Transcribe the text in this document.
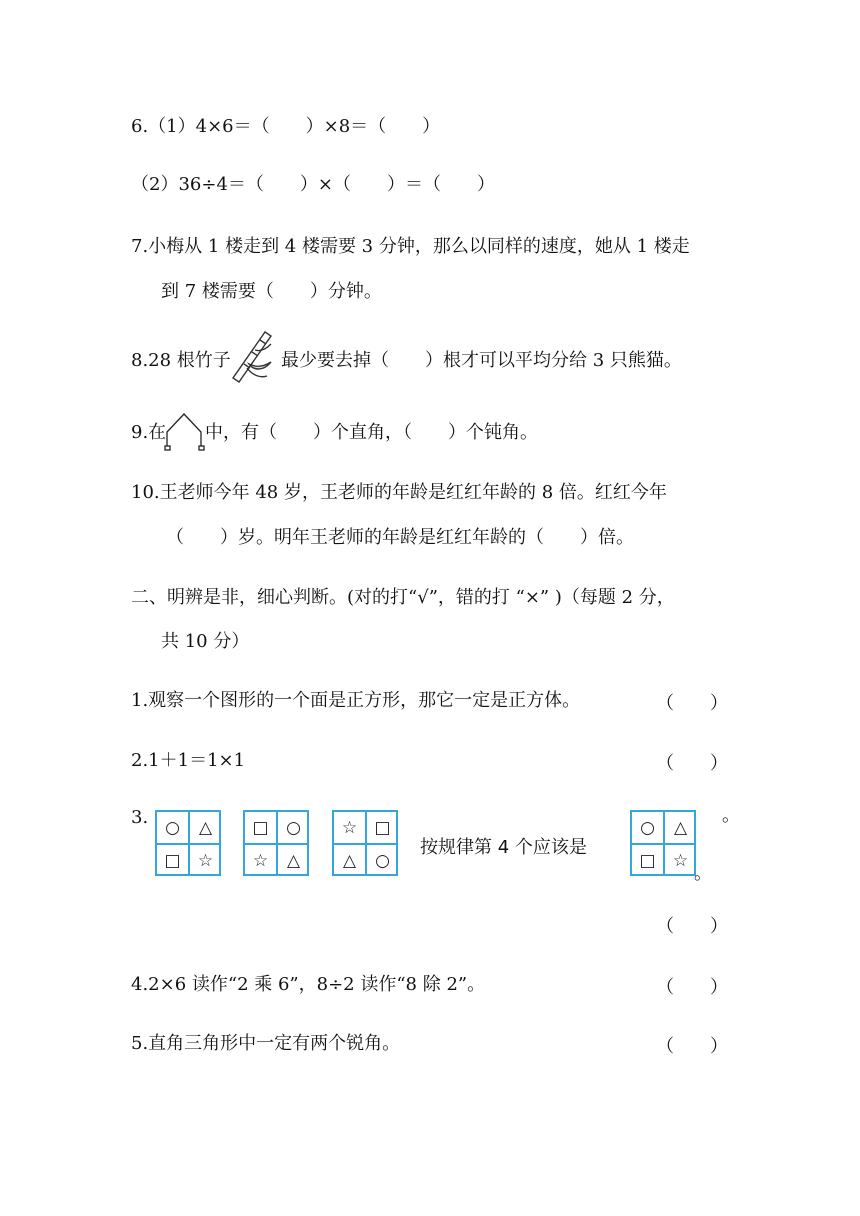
6.（1）4×6＝（　　）×8＝（　　）
（2）36÷4＝（　　）×（　　）＝（　　）
7.小梅从 1 楼走到 4 楼需要 3 分钟，那么以同样的速度，她从 1 楼走
到 7 楼需要（　　）分钟。
8.28 根竹子	最少要去掉（　　）根才可以平均分给 3 只熊猫。
9.在 中，有（　　）个直角，（　　）个钝角。
10.王老师今年 48 岁，王老师的年龄是红红年龄的 8 倍。红红今年
（　　）岁。明年王老师的年龄是红红年龄的（　　）倍。
二、明辨是非，细心判断。(对的打“√”，错的打 “×” )（每题 2 分，
共 10 分）
1.观察一个图形的一个面是正方形，那它一定是正方体。	（　　）
2.1＋1＝1×1	（　　）
3. ○	△
□	☆
□	○
☆	△
☆	□
△	○
按规律第 4 个应该是
○	△
□	☆
。
。
（　　）
4.2×6 读作“2 乘 6”，8÷2 读作“8 除 2”。	（　　）
5.直角三角形中一定有两个锐角。	（　　）
